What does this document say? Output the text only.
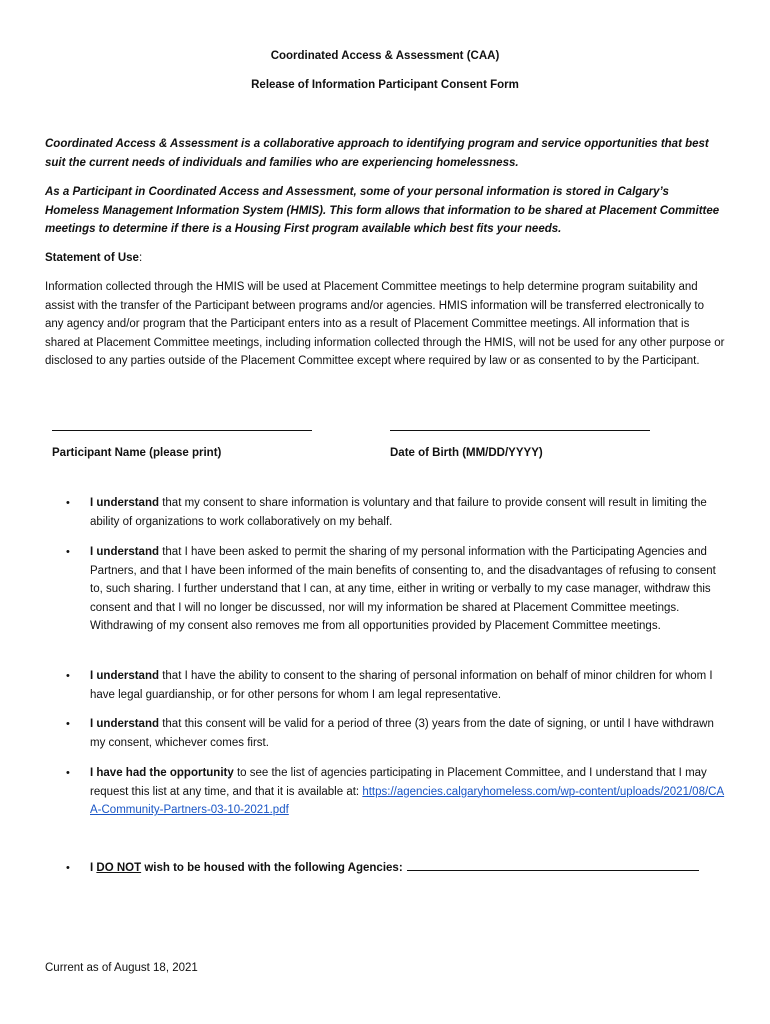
Coordinated Access & Assessment (CAA)
Release of Information Participant Consent Form
Coordinated Access & Assessment is a collaborative approach to identifying program and service opportunities that best suit the current needs of individuals and families who are experiencing homelessness.
As a Participant in Coordinated Access and Assessment, some of your personal information is stored in Calgary’s Homeless Management Information System (HMIS). This form allows that information to be shared at Placement Committee meetings to determine if there is a Housing First program available which best fits your needs.
Statement of Use:
Information collected through the HMIS will be used at Placement Committee meetings to help determine program suitability and assist with the transfer of the Participant between programs and/or agencies. HMIS information will be transferred electronically to any agency and/or program that the Participant enters into as a result of Placement Committee meetings. All information that is shared at Placement Committee meetings, including information collected through the HMIS, will not be used for any other purpose or disclosed to any parties outside of the Placement Committee except where required by law or as consented to by the Participant.
Participant Name (please print)	Date of Birth (MM/DD/YYYY)
• I understand that my consent to share information is voluntary and that failure to provide consent will result in limiting the ability of organizations to work collaboratively on my behalf.
• I understand that I have been asked to permit the sharing of my personal information with the Participating Agencies and Partners, and that I have been informed of the main benefits of consenting to, and the disadvantages of refusing to consent to, such sharing. I further understand that I can, at any time, either in writing or verbally to my case manager, withdraw this consent and that I will no longer be discussed, nor will my information be shared at Placement Committee meetings. Withdrawing of my consent also removes me from all opportunities provided by Placement Committee meetings.
• I understand that I have the ability to consent to the sharing of personal information on behalf of minor children for whom I have legal guardianship, or for other persons for whom I am legal representative.
• I understand that this consent will be valid for a period of three (3) years from the date of signing, or until I have withdrawn my consent, whichever comes first.
• I have had the opportunity to see the list of agencies participating in Placement Committee, and I understand that I may request this list at any time, and that it is available at: https://agencies.calgaryhomeless.com/wp-content/uploads/2021/08/CAA-Community-Partners-03-10-2021.pdf
• I DO NOT wish to be housed with the following Agencies:
Current as of August 18, 2021
